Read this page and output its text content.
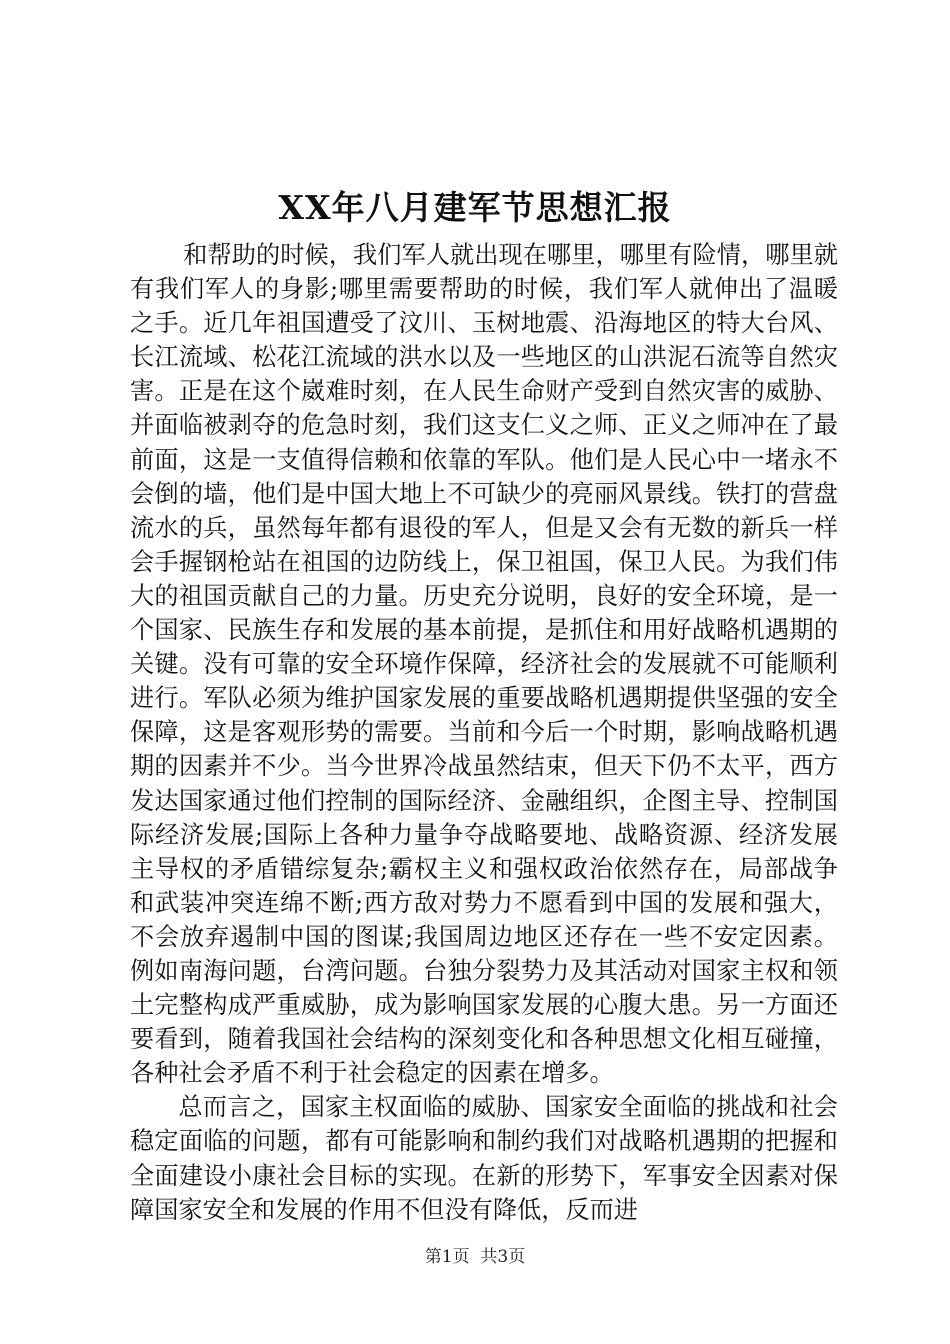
XX年八月建军节思想汇报

和帮助的时候，我们军人就出现在哪里，哪里有险情，哪里就有我们军人的身影;哪里需要帮助的时候，我们军人就伸出了温暖之手。近几年祖国遭受了汶川、玉树地震、沿海地区的特大台风、长江流域、松花江流域的洪水以及一些地区的山洪泥石流等自然灾害。正是在这个崴难时刻，在人民生命财产受到自然灾害的威胁、并面临被剥夺的危急时刻，我们这支仁义之师、正义之师冲在了最前面，这是一支值得信赖和依靠的军队。他们是人民心中一堵永不会倒的墙，他们是中国大地上不可缺少的亮丽风景线。铁打的营盘流水的兵，虽然每年都有退役的军人，但是又会有无数的新兵一样会手握钢枪站在祖国的边防线上，保卫祖国，保卫人民。为我们伟大的祖国贡献自己的力量。历史充分说明，良好的安全环境，是一个国家、民族生存和发展的基本前提，是抓住和用好战略机遇期的关键。没有可靠的安全环境作保障，经济社会的发展就不可能顺利进行。军队必须为维护国家发展的重要战略机遇期提供坚强的安全保障，这是客观形势的需要。当前和今后一个时期，影响战略机遇期的因素并不少。当今世界冷战虽然结束，但天下仍不太平，西方发达国家通过他们控制的国际经济、金融组织，企图主导、控制国际经济发展;国际上各种力量争夺战略要地、战略资源、经济发展主导权的矛盾错综复杂;霸权主义和强权政治依然存在，局部战争和武装冲突连绵不断;西方敌对势力不愿看到中国的发展和强大，不会放弃遏制中国的图谋;我国周边地区还存在一些不安定因素。例如南海问题，台湾问题。台独分裂势力及其活动对国家主权和领土完整构成严重威胁，成为影响国家发展的心腹大患。另一方面还要看到，随着我国社会结构的深刻变化和各种思想文化相互碰撞，各种社会矛盾不利于社会稳定的因素在增多。

总而言之，国家主权面临的威胁、国家安全面临的挑战和社会稳定面临的问题，都有可能影响和制约我们对战略机遇期的把握和全面建设小康社会目标的实现。在新的形势下，军事安全因素对保障国家安全和发展的作用不但没有降低，反而进

第1页 共3页
